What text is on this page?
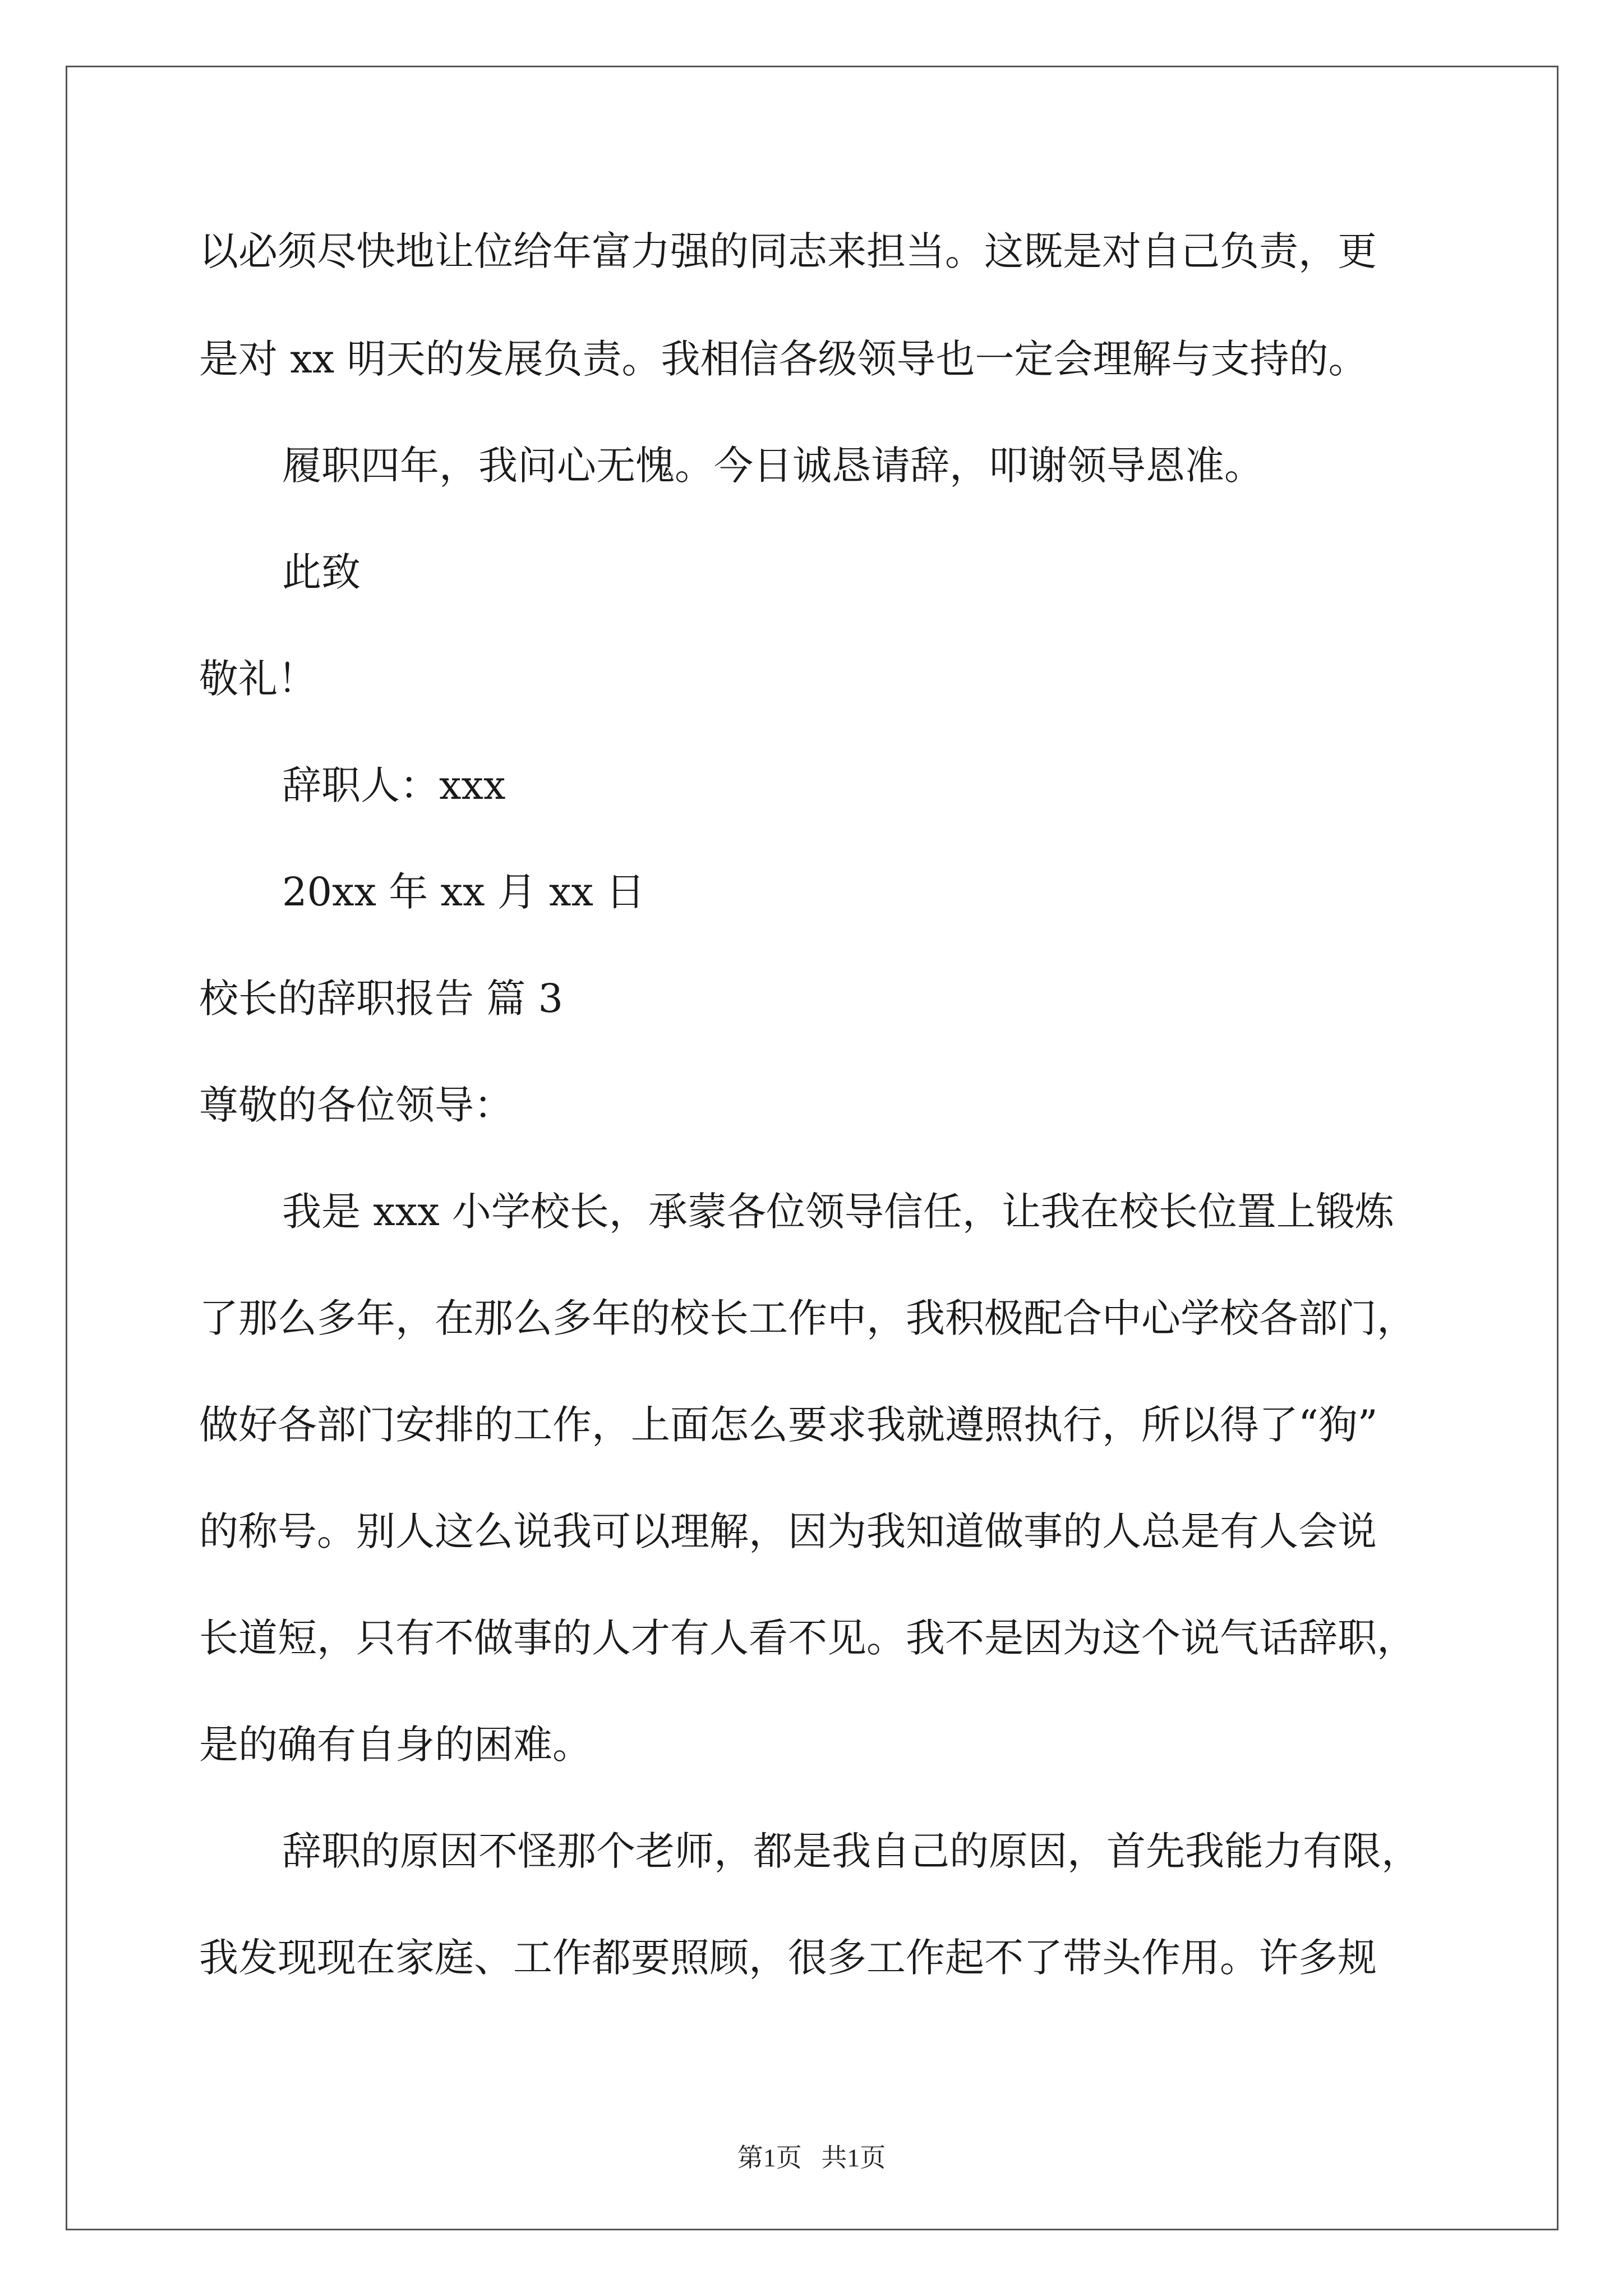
以必须尽快地让位给年富力强的同志来担当。这既是对自己负责，更

是对 xx 明天的发展负责。我相信各级领导也一定会理解与支持的。

履职四年，我问心无愧。今日诚恳请辞，叩谢领导恩准。

此致

敬礼！

辞职人：xxx

20xx 年 xx 月 xx 日

校长的辞职报告 篇 3

尊敬的各位领导：

我是 xxx 小学校长，承蒙各位领导信任，让我在校长位置上锻炼

了那么多年，在那么多年的校长工作中，我积极配合中心学校各部门，

做好各部门安排的工作，上面怎么要求我就遵照执行，所以得了“狗”

的称号。别人这么说我可以理解，因为我知道做事的人总是有人会说

长道短，只有不做事的人才有人看不见。我不是因为这个说气话辞职，

是的确有自身的困难。

辞职的原因不怪那个老师，都是我自己的原因，首先我能力有限，

我发现现在家庭、工作都要照顾，很多工作起不了带头作用。许多规

第1页   共1页
